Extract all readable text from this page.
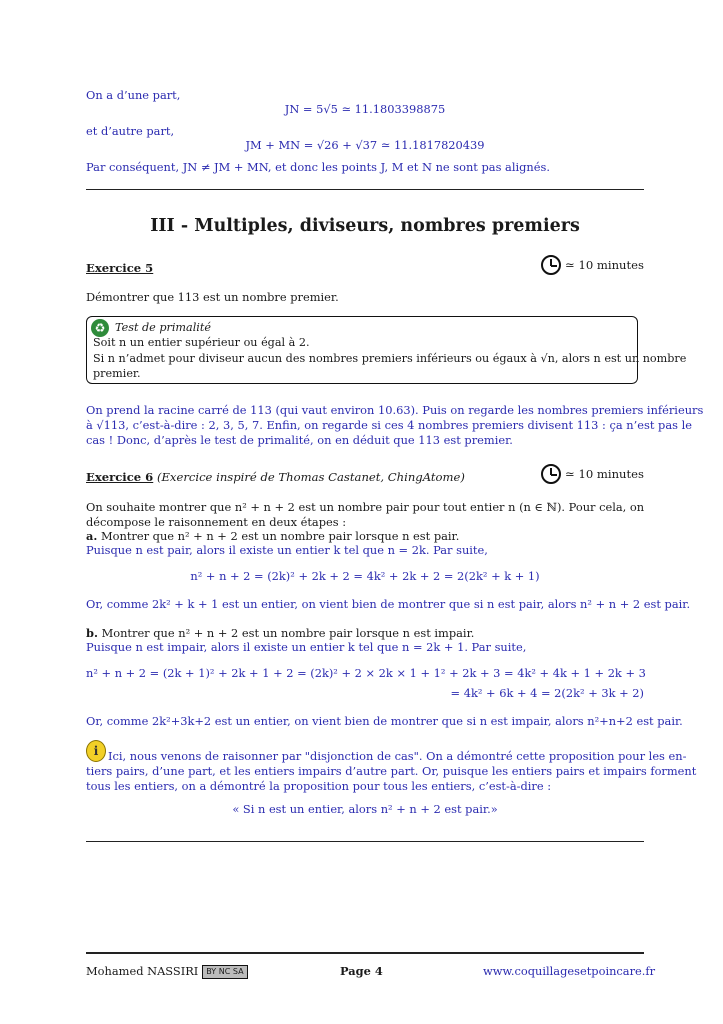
On a d’une part,
JN = 5√5 ≃ 11.1803398875
et d’autre part,
JM + MN = √26 + √37 ≃ 11.1817820439
Par conséquent, JN ≠ JM + MN, et donc les points J, M et N ne sont pas alignés.
III - Multiples, diviseurs, nombres premiers
Exercice 5	≃ 10 minutes
Démontrer que 113 est un nombre premier.
♻ Test de primalité
Soit n un entier supérieur ou égal à 2.
Si n n’admet pour diviseur aucun des nombres premiers inférieurs ou égaux à √n, alors n est un nombre
premier.
On prend la racine carré de 113 (qui vaut environ 10.63). Puis on regarde les nombres premiers inférieurs
à √113, c’est-à-dire : 2, 3, 5, 7. Enfin, on regarde si ces 4 nombres premiers divisent 113 : ça n’est pas le
cas ! Donc, d’après le test de primalité, on en déduit que 113 est premier.
Exercice 6 (Exercice inspiré de Thomas Castanet, ChingAtome)	≃ 10 minutes
On souhaite montrer que n² + n + 2 est un nombre pair pour tout entier n (n ∈ ℕ). Pour cela, on
décompose le raisonnement en deux étapes :
a. Montrer que n² + n + 2 est un nombre pair lorsque n est pair.
Puisque n est pair, alors il existe un entier k tel que n = 2k. Par suite,
n² + n + 2 = (2k)² + 2k + 2 = 4k² + 2k + 2 = 2(2k² + k + 1)
Or, comme 2k² + k + 1 est un entier, on vient bien de montrer que si n est pair, alors n² + n + 2 est pair.
b. Montrer que n² + n + 2 est un nombre pair lorsque n est impair.
Puisque n est impair, alors il existe un entier k tel que n = 2k + 1. Par suite,
n² + n + 2 = (2k + 1)² + 2k + 1 + 2 = (2k)² + 2 × 2k × 1 + 1² + 2k + 3 = 4k² + 4k + 1 + 2k + 3
= 4k² + 6k + 4 = 2(2k² + 3k + 2)
Or, comme 2k²+3k+2 est un entier, on vient bien de montrer que si n est impair, alors n²+n+2 est pair.
i Ici, nous venons de raisonner par "disjonction de cas". On a démontré cette proposition pour les en-
tiers pairs, d’une part, et les entiers impairs d’autre part. Or, puisque les entiers pairs et impairs forment
tous les entiers, on a démontré la proposition pour tous les entiers, c’est-à-dire :
« Si n est un entier, alors n² + n + 2 est pair.»
Mohamed NASSIRI BY NC SA	Page 4	www.coquillagesetpoincare.fr
